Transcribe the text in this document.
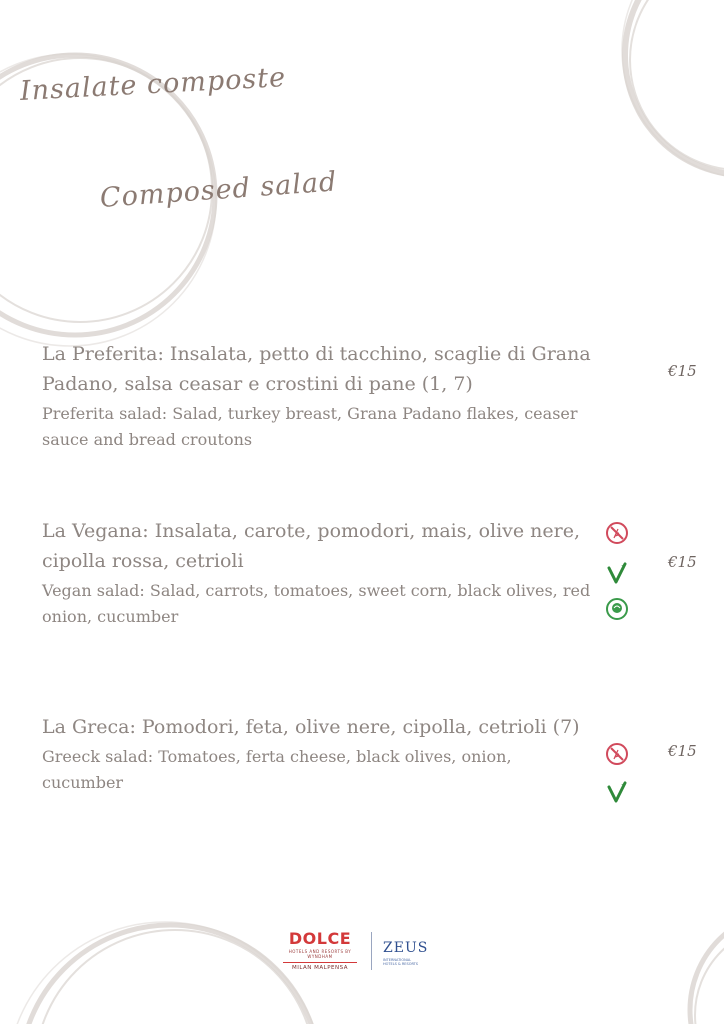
Insalate composte
Composed salad
La Preferita: Insalata, petto di tacchino, scaglie di Grana Padano, salsa ceasar e crostini di pane (1, 7)
Preferita salad: Salad, turkey breast, Grana Padano flakes, ceaser sauce and bread croutons
€15
La Vegana: Insalata, carote, pomodori, mais, olive nere, cipolla rossa, cetrioli
Vegan salad: Salad, carrots, tomatoes, sweet corn, black olives, red onion, cucumber
€15
La Greca: Pomodori, feta, olive nere, cipolla, cetrioli (7)
Greeck salad: Tomatoes, ferta cheese, black olives, onion, cucumber
€15
DOLCE
HOTELS AND RESORTS BY WYNDHAM
MILAN MALPENSA
ZEUS
INTERNATIONAL HOTELS & RESORTS
